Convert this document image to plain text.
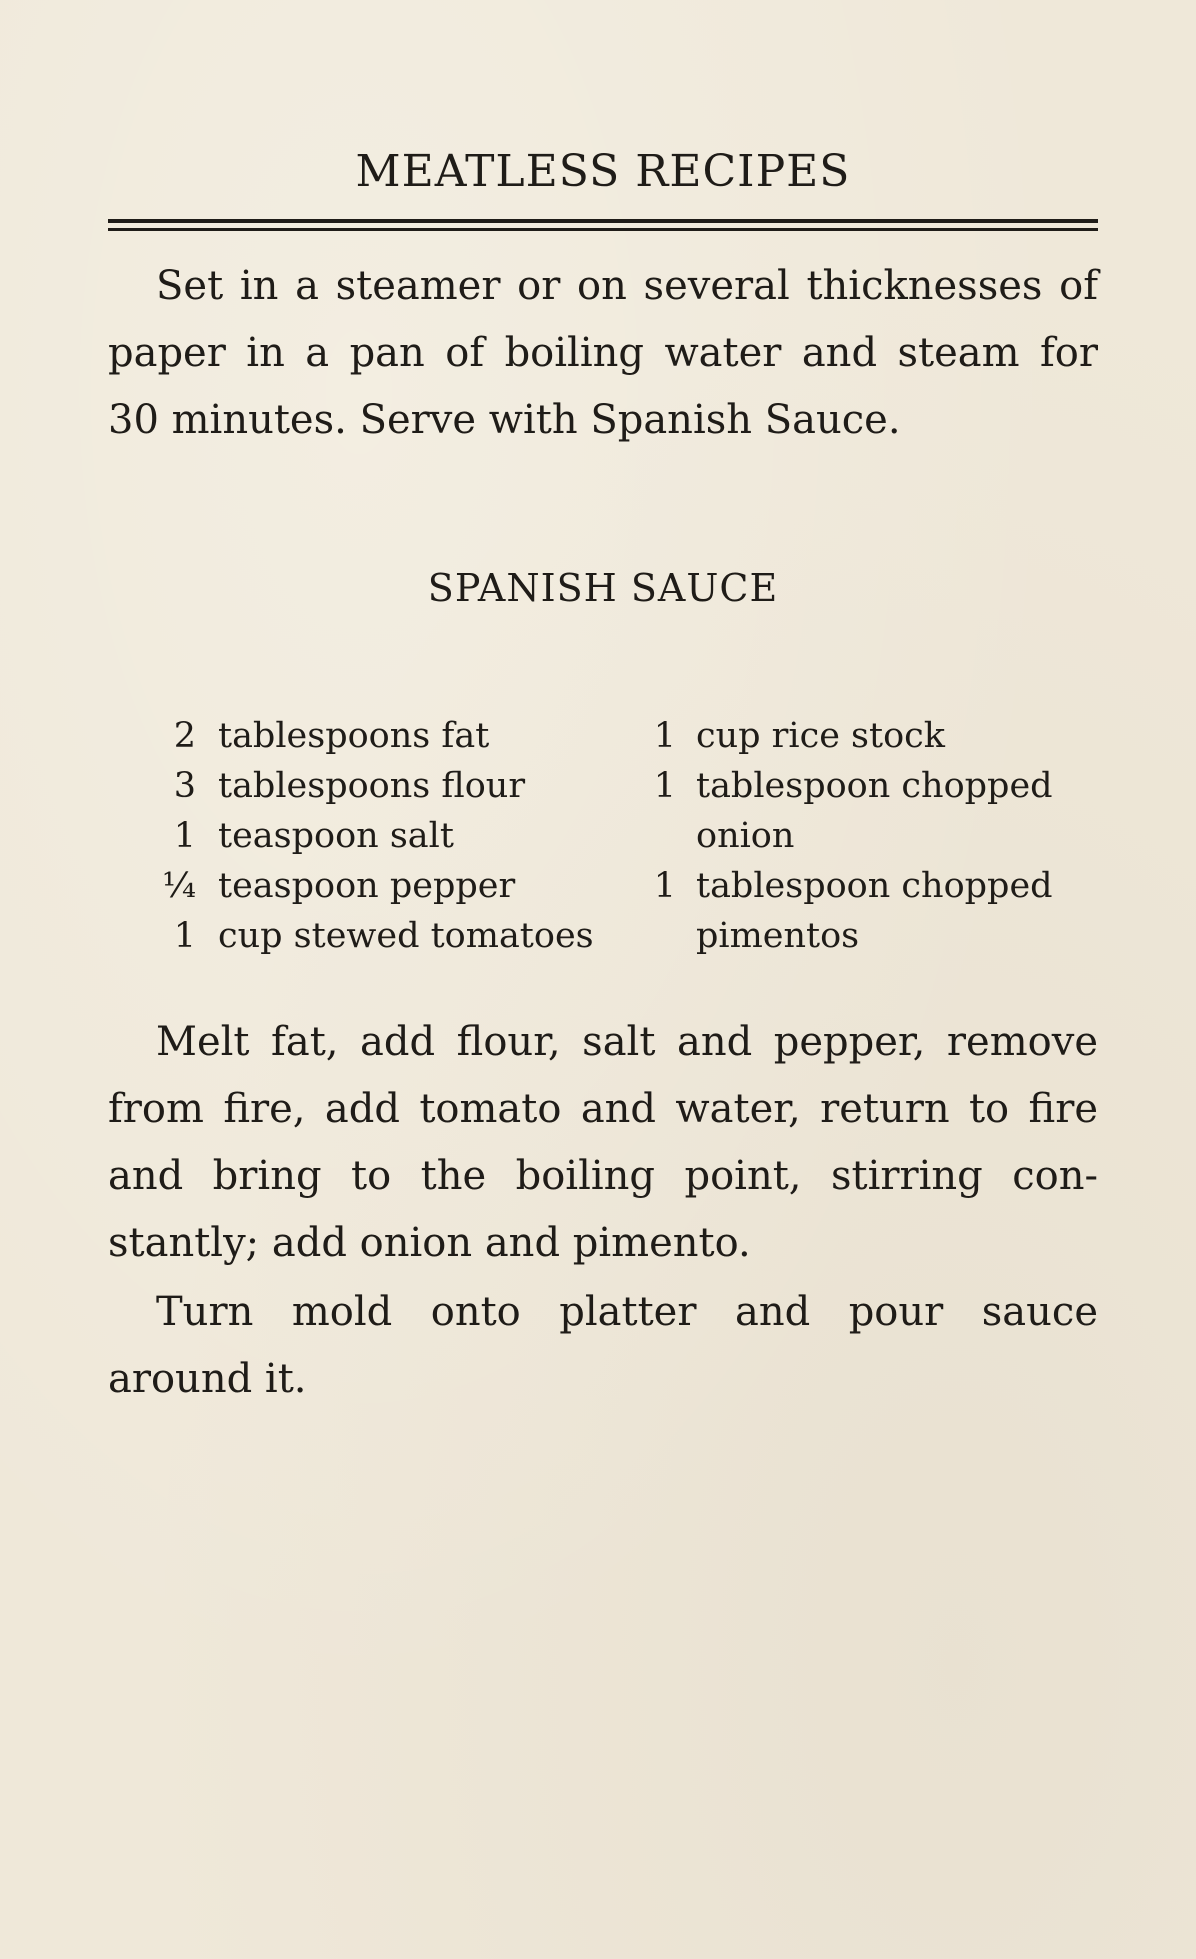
MEATLESS RECIPES

Set in a steamer or on several thicknesses of
paper in a pan of boiling water and steam for
30 minutes. Serve with Spanish Sauce.

SPANISH SAUCE
2 tablespoons fat
3 tablespoons flour
1 teaspoon salt
¼ teaspoon pepper
1 cup stewed tomatoes
1 cup rice stock
1 tablespoon chopped
onion
1 tablespoon chopped
pimentos

Melt fat, add flour, salt and pepper, remove
from fire, add tomato and water, return to fire
and bring to the boiling point, stirring con-
stantly; add onion and pimento.

Turn mold onto platter and pour sauce
around it.
